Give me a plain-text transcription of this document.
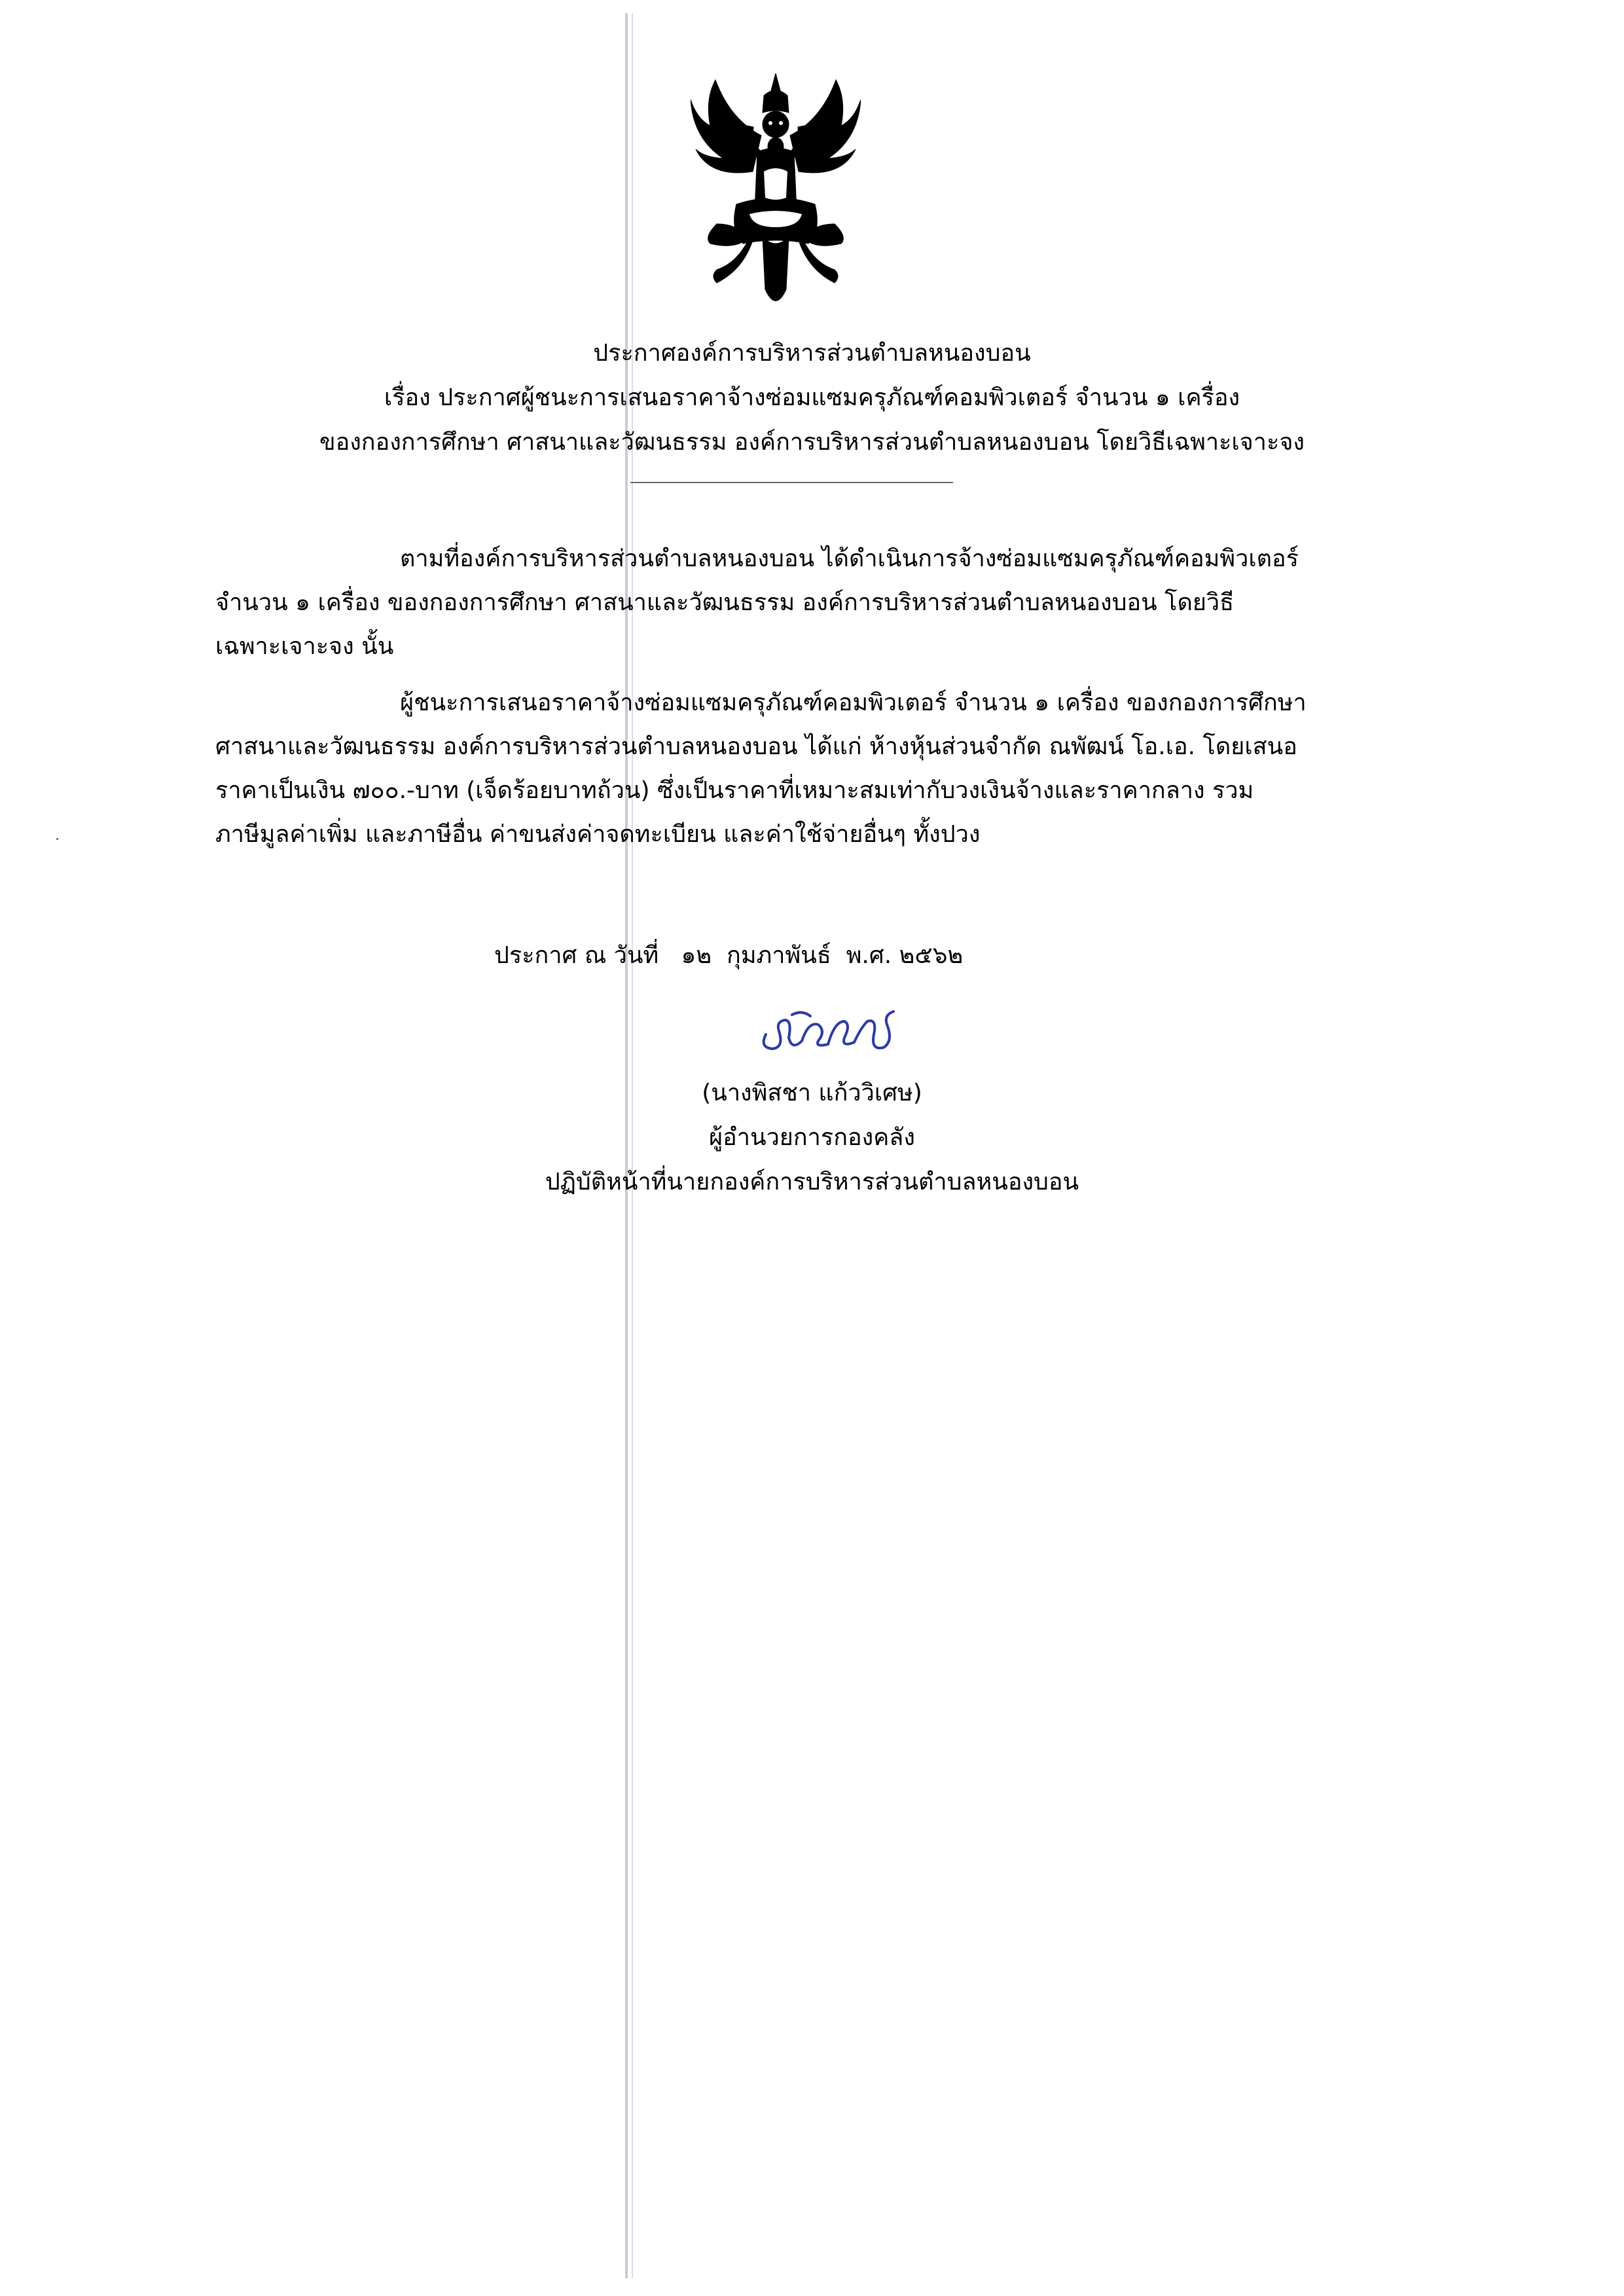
ประกาศองค์การบริหารส่วนตำบลหนองบอน
เรื่อง ประกาศผู้ชนะการเสนอราคาจ้างซ่อมแซมครุภัณฑ์คอมพิวเตอร์ จำนวน ๑ เครื่อง
ของกองการศึกษา ศาสนาและวัฒนธรรม องค์การบริหารส่วนตำบลหนองบอน โดยวิธีเฉพาะเจาะจง
ตามที่องค์การบริหารส่วนตำบลหนองบอน ได้ดำเนินการจ้างซ่อมแซมครุภัณฑ์คอมพิวเตอร์
จำนวน ๑ เครื่อง ของกองการศึกษา ศาสนาและวัฒนธรรม องค์การบริหารส่วนตำบลหนองบอน โดยวิธี
เฉพาะเจาะจง นั้น
ผู้ชนะการเสนอราคาจ้างซ่อมแซมครุภัณฑ์คอมพิวเตอร์ จำนวน ๑ เครื่อง ของกองการศึกษา
ศาสนาและวัฒนธรรม องค์การบริหารส่วนตำบลหนองบอน ได้แก่ ห้างหุ้นส่วนจำกัด ณพัฒน์ โอ.เอ. โดยเสนอ
ราคาเป็นเงิน ๗๐๐.-บาท (เจ็ดร้อยบาทถ้วน) ซึ่งเป็นราคาที่เหมาะสมเท่ากับวงเงินจ้างและราคากลาง รวม
ภาษีมูลค่าเพิ่ม และภาษีอื่น ค่าขนส่งค่าจดทะเบียน และค่าใช้จ่ายอื่นๆ ทั้งปวง
ประกาศ ณ วันที่   ๑๒  กุมภาพันธ์  พ.ศ. ๒๕๖๒
(นางพิสชา แก้ววิเศษ)
ผู้อำนวยการกองคลัง
ปฏิบัติหน้าที่นายกองค์การบริหารส่วนตำบลหนองบอน
